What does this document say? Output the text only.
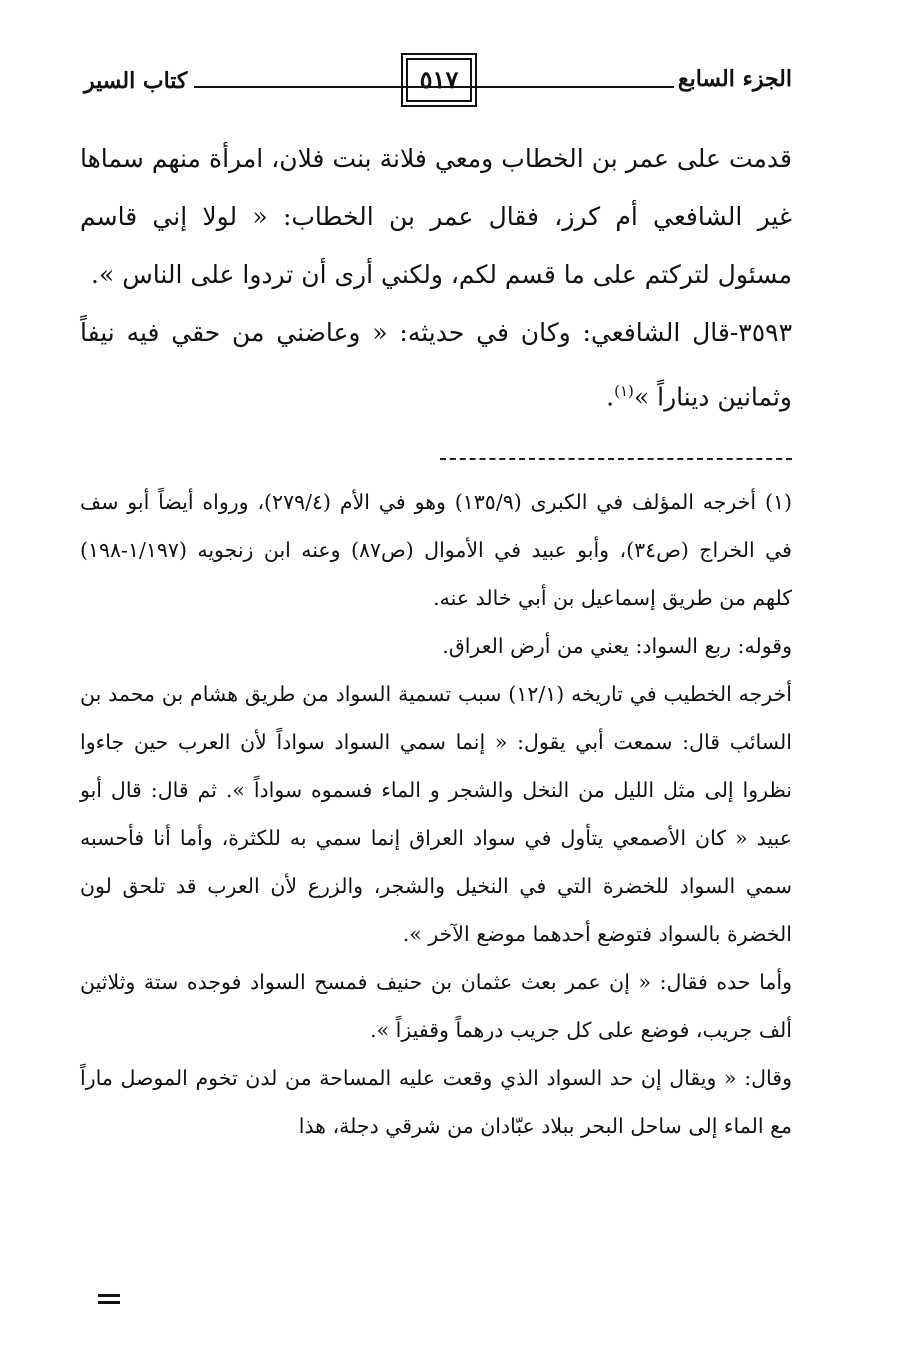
الجزء السابع
٥١٧
كتاب السير

قدمت على عمر بن الخطاب ومعي فلانة بنت فلان، امرأة منهم سماها غير الشافعي أم كرز، فقال عمر بن الخطاب: « لولا إني قاسم مسئول لتركتم على ما قسم لكم، ولكني أرى أن تردوا على الناس ».

٣٥٩٣-قال الشافعي: وكان في حديثه: « وعاضني من حقي فيه نيفاً وثمانين ديناراً »$^{(١)}$.

(١) أخرجه المؤلف في الكبرى (١٣٥/٩) وهو في الأم (٢٧٩/٤)، ورواه أيضاً أبو سف في الخراج (ص٣٤)، وأبو عبيد في الأموال (ص٨٧) وعنه ابن زنجويه (١/١٩٧-١٩٨) كلهم من طريق إسماعيل بن أبي خالد عنه.

وقوله: ربع السواد: يعني من أرض العراق.

أخرجه الخطيب في تاريخه (١٢/١) سبب تسمية السواد من طريق هشام بن محمد بن السائب قال: سمعت أبي يقول: « إنما سمي السواد سواداً لأن العرب حين جاءوا نظروا إلى مثل الليل من النخل والشجر و الماء فسموه سواداً ». ثم قال: قال أبو عبيد « كان الأصمعي يتأول في سواد العراق إنما سمي به للكثرة، وأما أنا فأحسبه سمي السواد للخضرة التي في النخيل والشجر، والزرع لأن العرب قد تلحق لون الخضرة بالسواد فتوضع أحدهما موضع الآخر ».

وأما حده فقال: « إن عمر بعث عثمان بن حنيف فمسح السواد فوجده ستة وثلاثين ألف جريب، فوضع على كل جريب درهماً وقفيزاً ».

وقال: « ويقال إن حد السواد الذي وقعت عليه المساحة من لدن تخوم الموصل ماراً مع الماء إلى ساحل البحر ببلاد عبّادان من شرقي دجلة، هذا
